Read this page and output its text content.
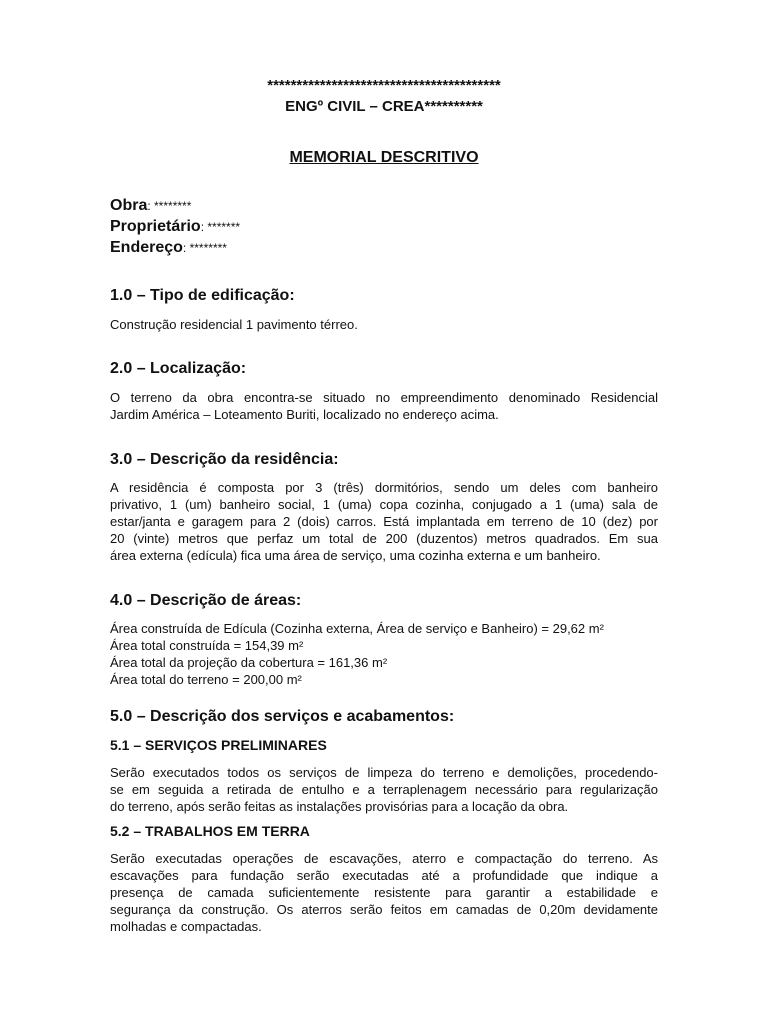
****************************************
ENGº CIVIL – CREA**********
MEMORIAL DESCRITIVO
Obra: ********
Proprietário: *******
Endereço: ********
1.0 – Tipo de edificação:
Construção residencial 1 pavimento térreo.
2.0 – Localização:
O terreno da obra encontra-se situado no empreendimento denominado Residencial
Jardim América – Loteamento Buriti, localizado no endereço acima.
3.0 – Descrição da residência:
A residência é composta por 3 (três) dormitórios, sendo um deles com banheiro
privativo, 1 (um) banheiro social, 1 (uma) copa cozinha, conjugado a 1 (uma) sala de
estar/janta e garagem para 2 (dois) carros. Está implantada em terreno de 10 (dez) por
20 (vinte) metros que perfaz um total de 200 (duzentos) metros quadrados. Em sua
área externa (edícula) fica uma área de serviço, uma cozinha externa e um banheiro.
4.0 – Descrição de áreas:
Área construída de Edícula (Cozinha externa, Área de serviço e Banheiro) = 29,62 m²
Área total construída = 154,39 m²
Área total da projeção da cobertura = 161,36 m²
Área total do terreno = 200,00 m²
5.0 – Descrição dos serviços e acabamentos:
5.1 – SERVIÇOS PRELIMINARES
Serão executados todos os serviços de limpeza do terreno e demolições, procedendo-
se em seguida a retirada de entulho e a terraplenagem necessário para regularização
do terreno, após serão feitas as instalações provisórias para a locação da obra.
5.2 – TRABALHOS EM TERRA
Serão executadas operações de escavações, aterro e compactação do terreno. As
escavações para fundação serão executadas até a profundidade que indique a
presença de camada suficientemente resistente para garantir a estabilidade e
segurança da construção. Os aterros serão feitos em camadas de 0,20m devidamente
molhadas e compactadas.
